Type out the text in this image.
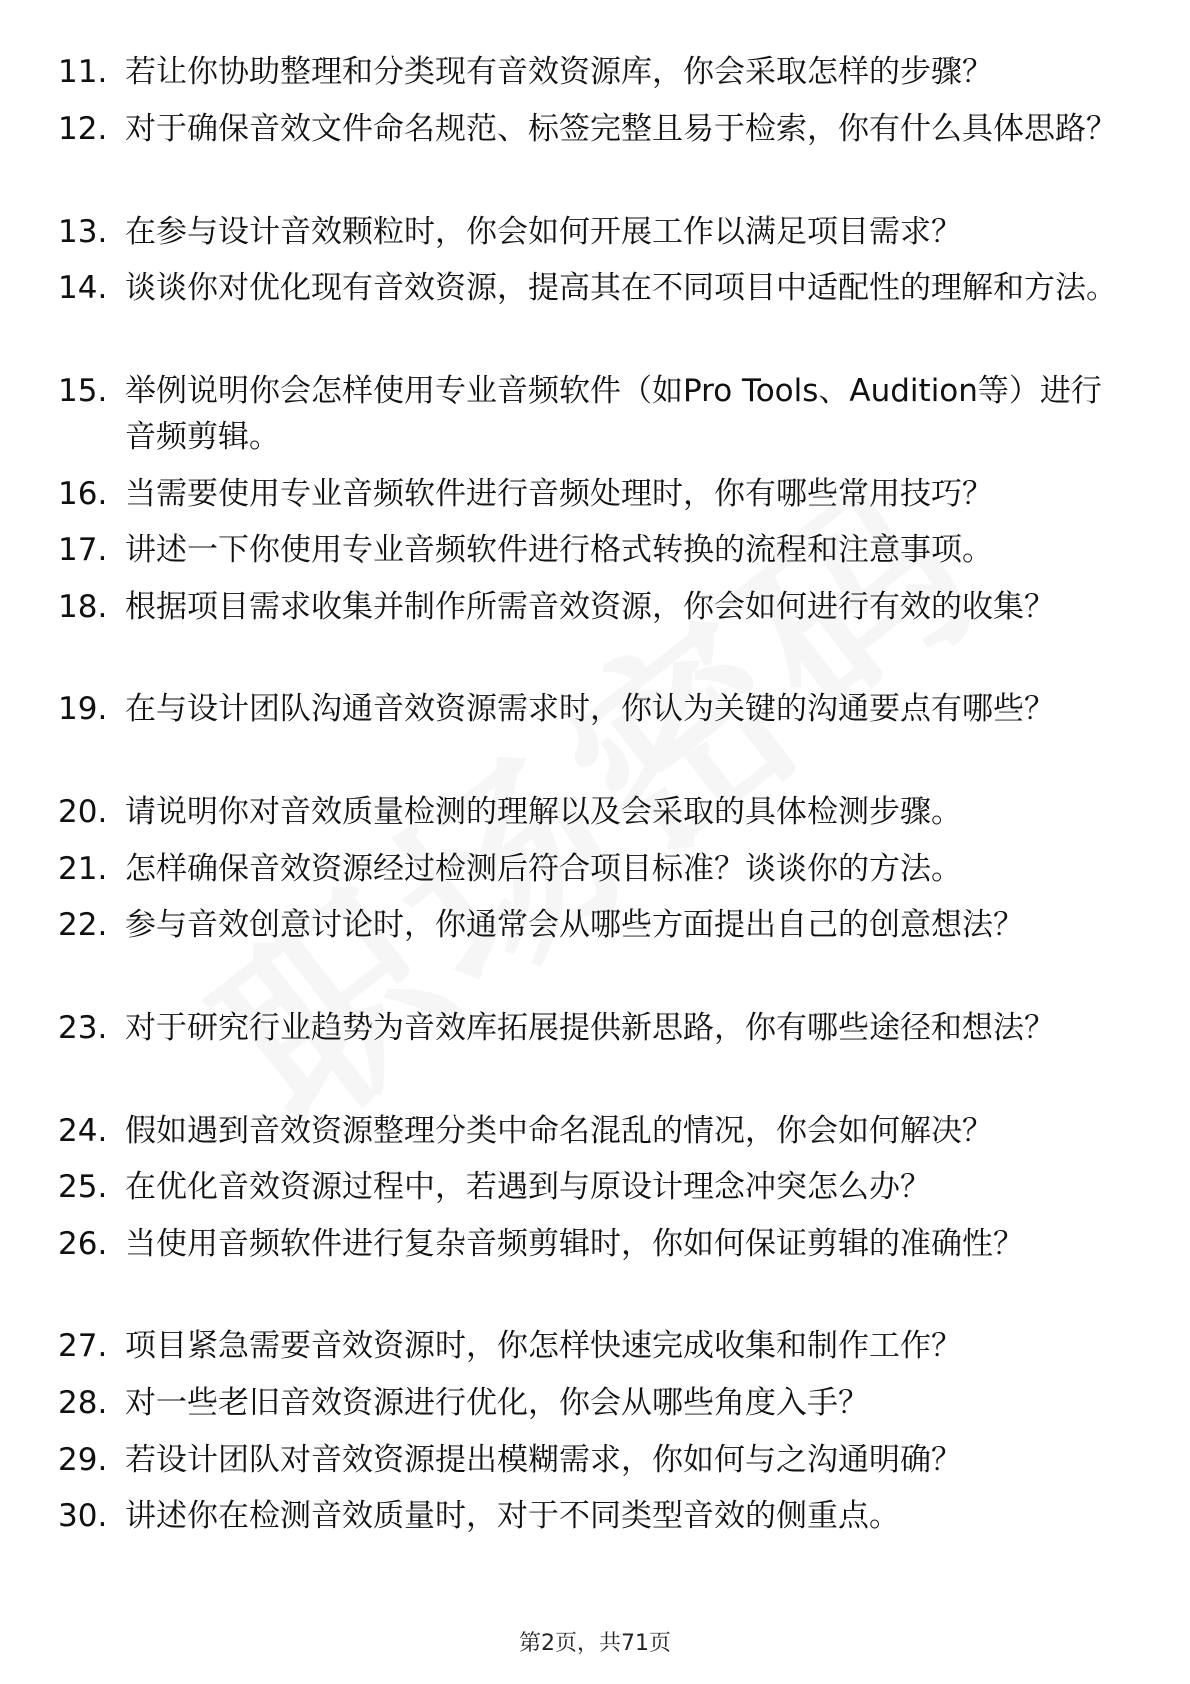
11. 若让你协助整理和分类现有音效资源库，你会采取怎样的步骤？
12. 对于确保音效文件命名规范、标签完整且易于检索，你有什么具体思路？
13. 在参与设计音效颗粒时，你会如何开展工作以满足项目需求？
14. 谈谈你对优化现有音效资源，提高其在不同项目中适配性的理解和方法。
15. 举例说明你会怎样使用专业音频软件（如Pro Tools、Audition等）进行音频剪辑。
16. 当需要使用专业音频软件进行音频处理时，你有哪些常用技巧？
17. 讲述一下你使用专业音频软件进行格式转换的流程和注意事项。
18. 根据项目需求收集并制作所需音效资源，你会如何进行有效的收集？
19. 在与设计团队沟通音效资源需求时，你认为关键的沟通要点有哪些？
20. 请说明你对音效质量检测的理解以及会采取的具体检测步骤。
21. 怎样确保音效资源经过检测后符合项目标准？谈谈你的方法。
22. 参与音效创意讨论时，你通常会从哪些方面提出自己的创意想法？
23. 对于研究行业趋势为音效库拓展提供新思路，你有哪些途径和想法？
24. 假如遇到音效资源整理分类中命名混乱的情况，你会如何解决？
25. 在优化音效资源过程中，若遇到与原设计理念冲突怎么办？
26. 当使用音频软件进行复杂音频剪辑时，你如何保证剪辑的准确性？
27. 项目紧急需要音效资源时，你怎样快速完成收集和制作工作？
28. 对一些老旧音效资源进行优化，你会从哪些角度入手？
29. 若设计团队对音效资源提出模糊需求，你如何与之沟通明确？
30. 讲述你在检测音效质量时，对于不同类型音效的侧重点。
第2页，共71页
